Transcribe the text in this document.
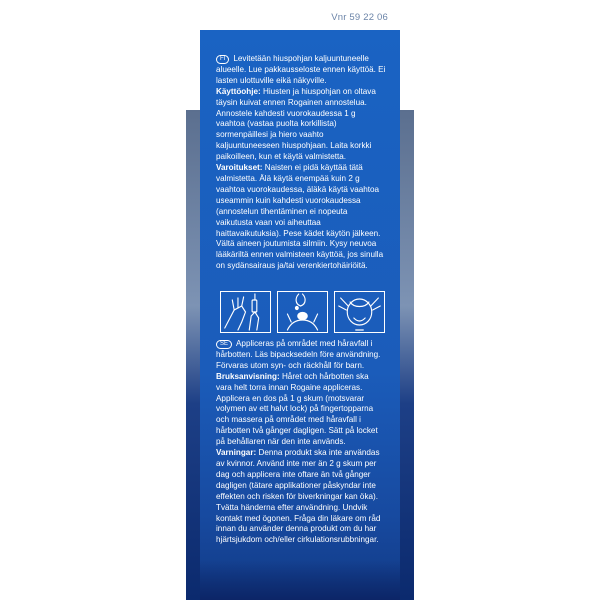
Vnr 59 22 06

FI Levitetään hiuspohjan kaljuuntuneelle alueelle. Lue pakkausseloste ennen käyttöä. Ei lasten ulottuville eikä näkyville.

Käyttöohje: Hiusten ja hiuspohjan on oltava täysin kuivat ennen Rogainen annostelua. Annostele kahdesti vuorokaudessa 1 g vaahtoa (vastaa puolta korkillista) sormenpäillesi ja hiero vaahto kaljuuntuneeseen hiuspohjaan. Laita korkki paikoilleen, kun et käytä valmistetta.

Varoitukset: Naisten ei pidä käyttää tätä valmistetta. Älä käytä enempää kuin 2 g vaahtoa vuorokaudessa, äläkä käytä vaahtoa useammin kuin kahdesti vuorokaudessa (annostelun tihentäminen ei nopeuta vaikutusta vaan voi aiheuttaa haittavaikutuksia). Pese kädet käytön jälkeen. Vältä aineen joutumista silmiin. Kysy neuvoa lääkäriltä ennen valmisteen käyttöä, jos sinulla on sydänsairaus ja/tai verenkiertohäiriöitä.

SE Appliceras på området med håravfall i hårbotten. Läs bipacksedeln före användning. Förvaras utom syn- och räckhåll för barn.

Bruksanvisning: Håret och hårbotten ska vara helt torra innan Rogaine appliceras. Applicera en dos på 1 g skum (motsvarar volymen av ett halvt lock) på fingertopparna och massera på området med håravfall i hårbotten två gånger dagligen. Sätt på locket på behållaren när den inte används.

Varningar: Denna produkt ska inte användas av kvinnor. Använd inte mer än 2 g skum per dag och applicera inte oftare än två gånger dagligen (tätare applikationer påskyndar inte effekten och risken för biverkningar kan öka). Tvätta händerna efter användning. Undvik kontakt med ögonen. Fråga din läkare om råd innan du använder denna produkt om du har hjärtsjukdom och/eller cirkulationsrubbningar.
